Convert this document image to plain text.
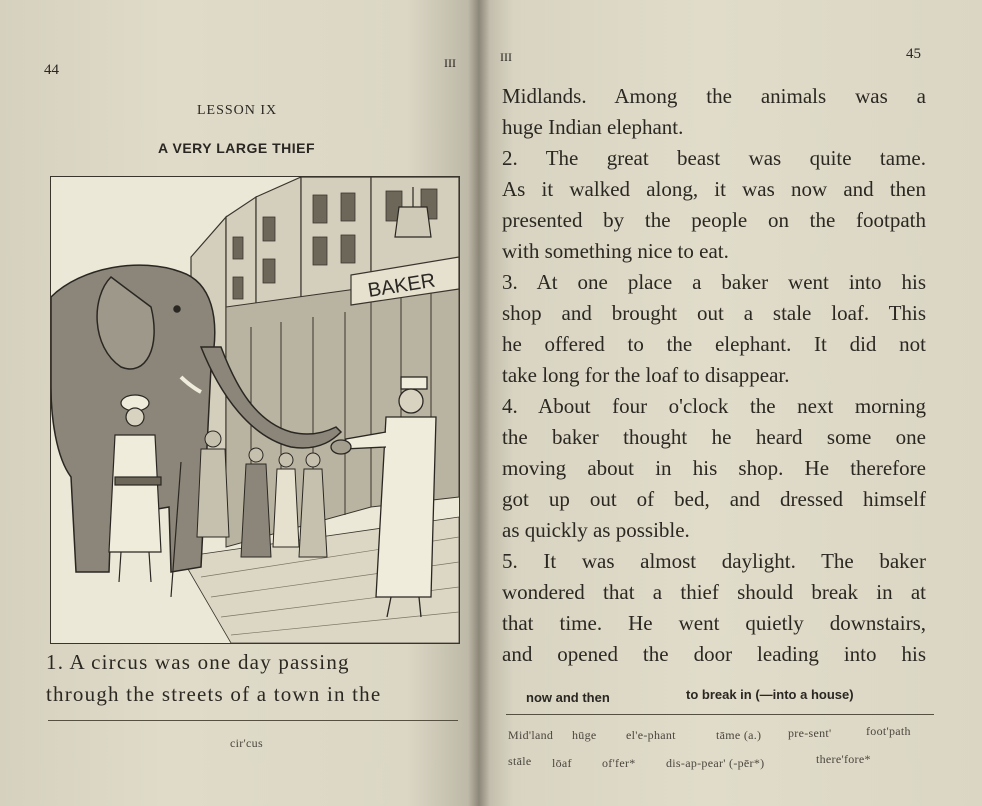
44	III
LESSON IX
A VERY LARGE THIEF
BAKER
1. A circus was one day passing
through the streets of a town in the
cir'cus
III	45
Midlands. Among the animals was a
huge Indian elephant.
2. The great beast was quite tame.
As it walked along, it was now and then
presented by the people on the footpath
with something nice to eat.
3. At one place a baker went into his
shop and brought out a stale loaf. This
he offered to the elephant. It did not
take long for the loaf to disappear.
4. About four o'clock the next morning
the baker thought he heard some one
moving about in his shop. He therefore
got up out of bed, and dressed himself
as quickly as possible.
5. It was almost daylight. The baker
wondered that a thief should break in at
that time. He went quietly downstairs,
and opened the door leading into his
now and then	to break in (—into a house)
Mid'land hūge el'e-phant	tāme (a.) pre-sent'	foot'path
stāle lōaf	of'fer*	dis-ap-pear' (-pēr*)	there'fore*
